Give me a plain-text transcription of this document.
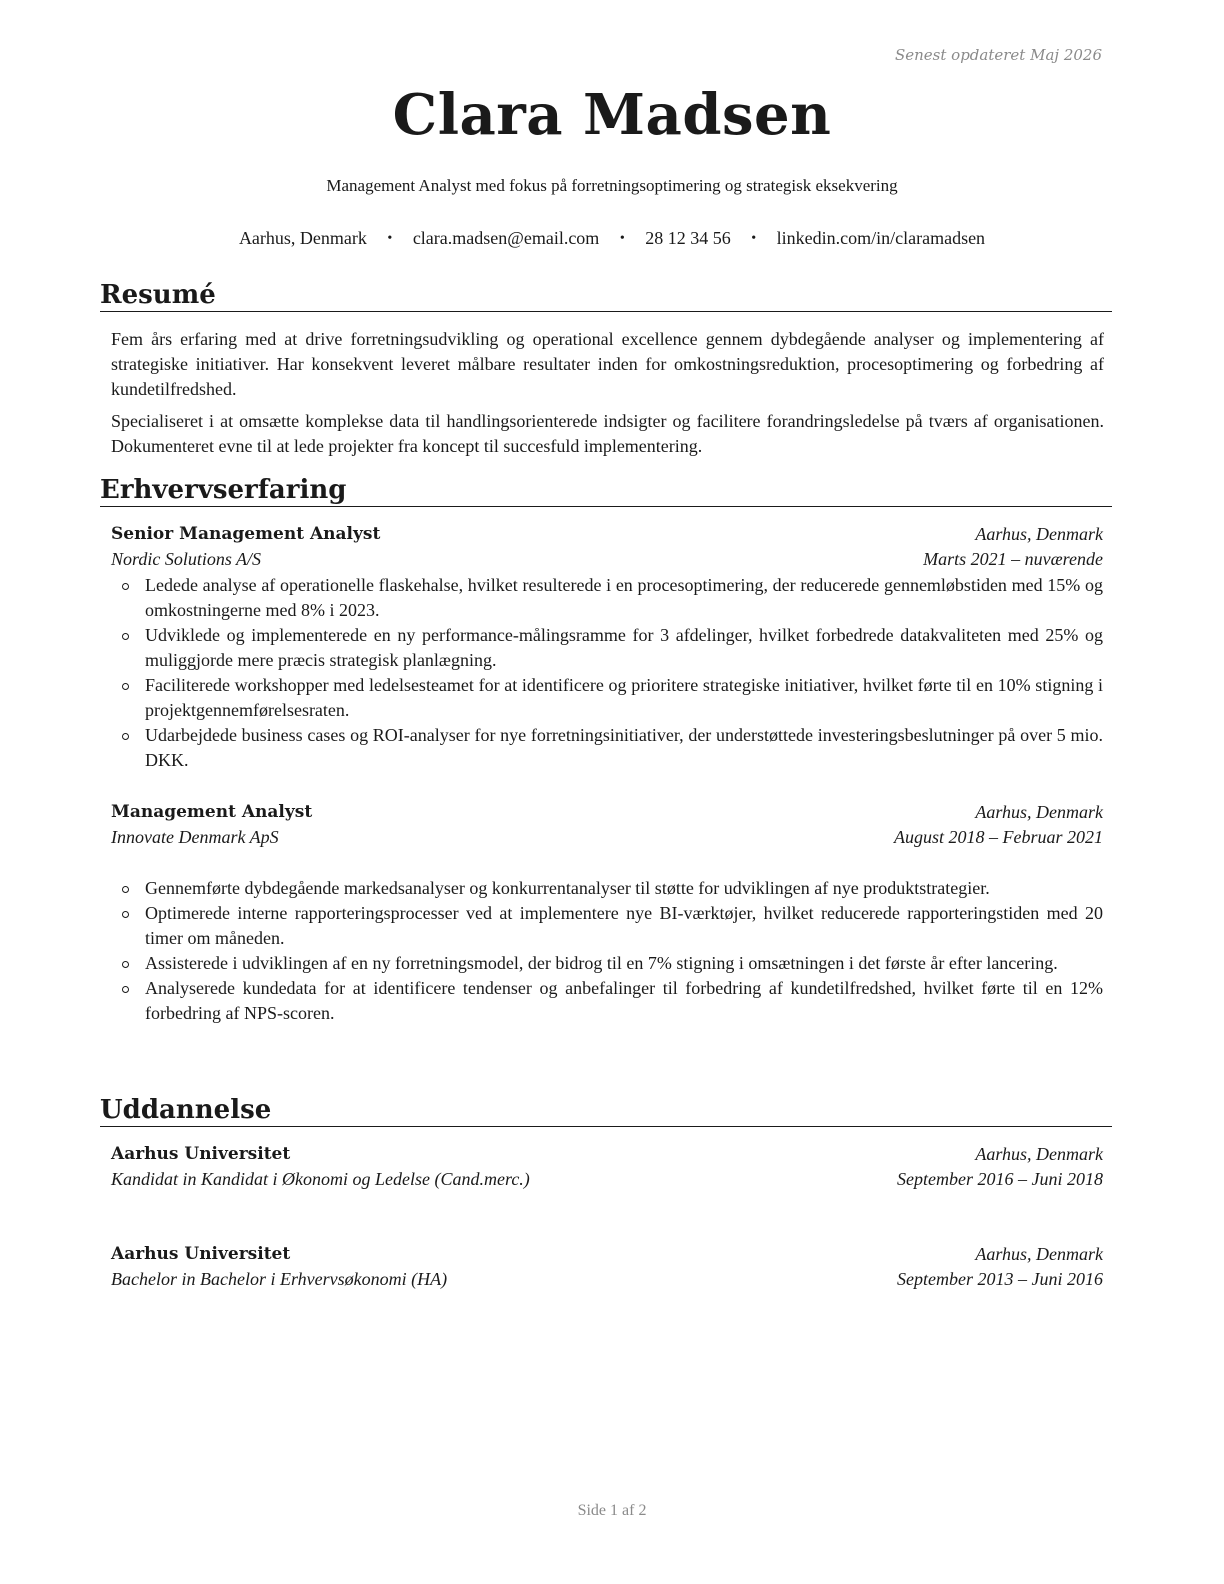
Senest opdateret Maj 2026
Clara Madsen
Management Analyst med fokus på forretningsoptimering og strategisk eksekvering
Aarhus, Denmark • clara.madsen@email.com • 28 12 34 56 • linkedin.com/in/claramadsen
Resumé

Fem års erfaring med at drive forretningsudvikling og operational excellence gennem dybdegående analyser og implementering af strategiske initiativer. Har konsekvent leveret målbare resultater inden for omkostningsreduktion, procesoptimering og forbedring af kundetilfredshed.

Specialiseret i at omsætte komplekse data til handlingsorienterede indsigter og facilitere forandringsledelse på tværs af organisationen. Dokumenteret evne til at lede projekter fra koncept til succesfuld implementering.

Erhvervserfaring
Senior Management Analyst	Aarhus, Denmark
Nordic Solutions A/S	Marts 2021 – nuværende
Ledede analyse af operationelle flaskehalse, hvilket resulterede i en procesoptimering, der reducerede gennemløbstiden med 15% og omkostningerne med 8% i 2023.
Udviklede og implementerede en ny performance-målingsramme for 3 afdelinger, hvilket forbedrede datakvaliteten med 25% og muliggjorde mere præcis strategisk planlægning.
Faciliterede workshopper med ledelsesteamet for at identificere og prioritere strategiske initiativer, hvilket førte til en 10% stigning i projektgennemførelsesraten.
Udarbejdede business cases og ROI-analyser for nye forretningsinitiativer, der understøttede investeringsbeslutninger på over 5 mio. DKK.
Management Analyst	Aarhus, Denmark
Innovate Denmark ApS	August 2018 – Februar 2021
Gennemførte dybdegående markedsanalyser og konkurrentanalyser til støtte for udviklingen af nye produktstrategier.
Optimerede interne rapporteringsprocesser ved at implementere nye BI-værktøjer, hvilket reducerede rapporteringstiden med 20 timer om måneden.
Assisterede i udviklingen af en ny forretningsmodel, der bidrog til en 7% stigning i omsætningen i det første år efter lancering.
Analyserede kundedata for at identificere tendenser og anbefalinger til forbedring af kundetilfredshed, hvilket førte til en 12% forbedring af NPS-scoren.
Uddannelse
Aarhus Universitet	Aarhus, Denmark
Kandidat in Kandidat i Økonomi og Ledelse (Cand.merc.)	September 2016 – Juni 2018
Aarhus Universitet	Aarhus, Denmark
Bachelor in Bachelor i Erhvervsøkonomi (HA)	September 2013 – Juni 2016
Side 1 af 2
